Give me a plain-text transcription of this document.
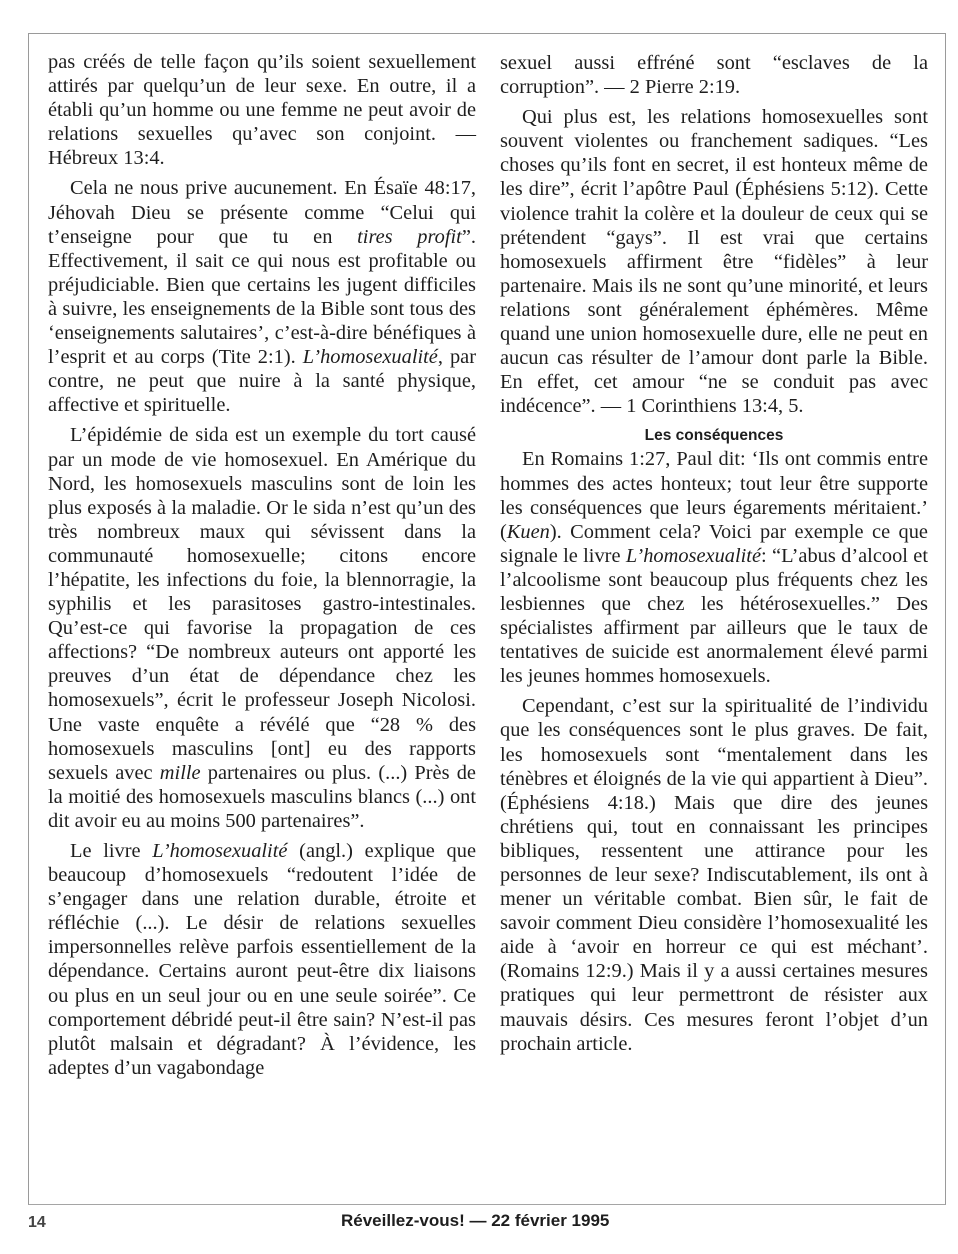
pas créés de telle façon qu’ils soient sexuellement attirés par quelqu’un de leur sexe. En outre, il a établi qu’un homme ou une femme ne peut avoir de relations sexuelles qu’avec son conjoint. — Hébreux 13:4.

Cela ne nous prive aucunement. En Ésaïe 48:17, Jéhovah Dieu se présente comme “Celui qui t’enseigne pour que tu en tires profit”. Effectivement, il sait ce qui nous est profitable ou préjudiciable. Bien que certains les jugent difficiles à suivre, les enseignements de la Bible sont tous des ‘enseignements salutaires’, c’est-à-dire bénéfiques à l’esprit et au corps (Tite 2:1). L’homosexualité, par contre, ne peut que nuire à la santé physique, affective et spirituelle.

L’épidémie de sida est un exemple du tort causé par un mode de vie homosexuel. En Amérique du Nord, les homosexuels masculins sont de loin les plus exposés à la maladie. Or le sida n’est qu’un des très nombreux maux qui sévissent dans la communauté homosexuelle; citons encore l’hépatite, les infections du foie, la blennorragie, la syphilis et les parasitoses gastro-intestinales. Qu’est-ce qui favorise la propagation de ces affections? “De nombreux auteurs ont apporté les preuves d’un état de dépendance chez les homosexuels”, écrit le professeur Joseph Nicolosi. Une vaste enquête a révélé que “28 % des homosexuels masculins [ont] eu des rapports sexuels avec mille partenaires ou plus. (...) Près de la moitié des homosexuels masculins blancs (...) ont dit avoir eu au moins 500 partenaires”.

Le livre L’homosexualité (angl.) explique que beaucoup d’homosexuels “redoutent l’idée de s’engager dans une relation durable, étroite et réfléchie (...). Le désir de relations sexuelles impersonnelles relève parfois essentiellement de la dépendance. Certains auront peut-être dix liaisons ou plus en un seul jour ou en une seule soirée”. Ce comportement débridé peut-il être sain? N’est-il pas plutôt malsain et dégradant? À l’évidence, les adeptes d’un vagabondage

sexuel aussi effréné sont “esclaves de la corruption”. — 2 Pierre 2:19.

Qui plus est, les relations homosexuelles sont souvent violentes ou franchement sadiques. “Les choses qu’ils font en secret, il est honteux même de les dire”, écrit l’apôtre Paul (Éphésiens 5:12). Cette violence trahit la colère et la douleur de ceux qui se prétendent “gays”. Il est vrai que certains homosexuels affirment être “fidèles” à leur partenaire. Mais ils ne sont qu’une minorité, et leurs relations sont généralement éphémères. Même quand une union homosexuelle dure, elle ne peut en aucun cas résulter de l’amour dont parle la Bible. En effet, cet amour “ne se conduit pas avec indécence”. — 1 Corinthiens 13:4, 5.

Les conséquences

En Romains 1:27, Paul dit: ‘Ils ont commis entre hommes des actes honteux; tout leur être supporte les conséquences que leurs égarements méritaient.’ (Kuen). Comment cela? Voici par exemple ce que signale le livre L’homosexualité: “L’abus d’alcool et l’alcoolisme sont beaucoup plus fréquents chez les lesbiennes que chez les hétérosexuelles.” Des spécialistes affirment par ailleurs que le taux de tentatives de suicide est anormalement élevé parmi les jeunes hommes homosexuels.

Cependant, c’est sur la spiritualité de l’individu que les conséquences sont le plus graves. De fait, les homosexuels sont “mentalement dans les ténèbres et éloignés de la vie qui appartient à Dieu”. (Éphésiens 4:18.) Mais que dire des jeunes chrétiens qui, tout en connaissant les principes bibliques, ressentent une attirance pour les personnes de leur sexe? Indiscutablement, ils ont à mener un véritable combat. Bien sûr, le fait de savoir comment Dieu considère l’homosexualité les aide à ‘avoir en horreur ce qui est méchant’. (Romains 12:9.) Mais il y a aussi certaines mesures pratiques qui leur permettront de résister aux mauvais désirs. Ces mesures feront l’objet d’un prochain article.

14	Réveillez-vous! — 22 février 1995
